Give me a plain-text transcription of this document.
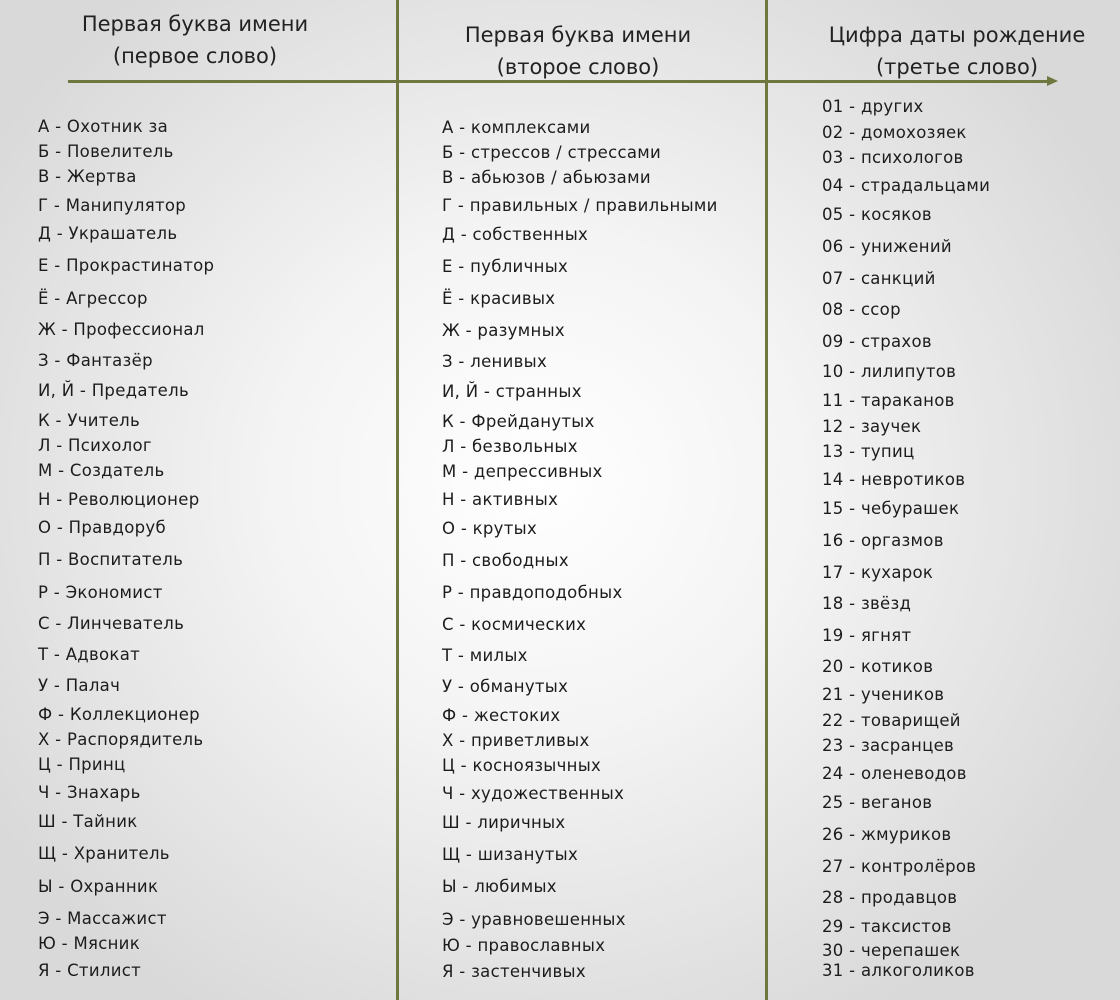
Первая буква имени
(первое слово)
Первая буква имени
(второе слово)
Цифра даты рождение
(третье слово)
А - Охотник за
Б - Повелитель
В - Жертва
Г - Манипулятор
Д - Украшатель
Е - Прокрастинатор
Ё - Агрессор
Ж - Профессионал
З - Фантазёр
И, Й - Предатель
К - Учитель
Л - Психолог
М - Создатель
Н - Революционер
О - Правдоруб
П - Воспитатель
Р - Экономист
С - Линчеватель
Т - Адвокат
У - Палач
Ф - Коллекционер
Х - Распорядитель
Ц - Принц
Ч - Знахарь
Ш - Тайник
Щ - Хранитель
Ы - Охранник
Э - Массажист
Ю - Мясник
Я - Стилист
А - комплексами
Б - стрессов / стрессами
В - абьюзов / абьюзами
Г - правильных / правильными
Д - собственных
Е - публичных
Ё - красивых
Ж - разумных
З - ленивых
И, Й - странных
К - Фрейданутых
Л - безвольных
М - депрессивных
Н - активных
О - крутых
П - свободных
Р - правдоподобных
С - космических
Т - милых
У - обманутых
Ф - жестоких
Х - приветливых
Ц - косноязычных
Ч - художественных
Ш - лиричных
Щ - шизанутых
Ы - любимых
Э - уравновешенных
Ю - православных
Я - застенчивых
01 - других
02 - домохозяек
03 - психологов
04 - страдальцами
05 - косяков
06 - унижений
07 - санкций
08 - ссор
09 - страхов
10 - лилипутов
11 - тараканов
12 - заучек
13 - тупиц
14 - невротиков
15 - чебурашек
16 - оргазмов
17 - кухарок
18 - звёзд
19 - ягнят
20 - котиков
21 - учеников
22 - товарищей
23 - засранцев
24 - оленеводов
25 - веганов
26 - жмуриков
27 - контролёров
28 - продавцов
29 - таксистов
30 - черепашек
31 - алкоголиков
